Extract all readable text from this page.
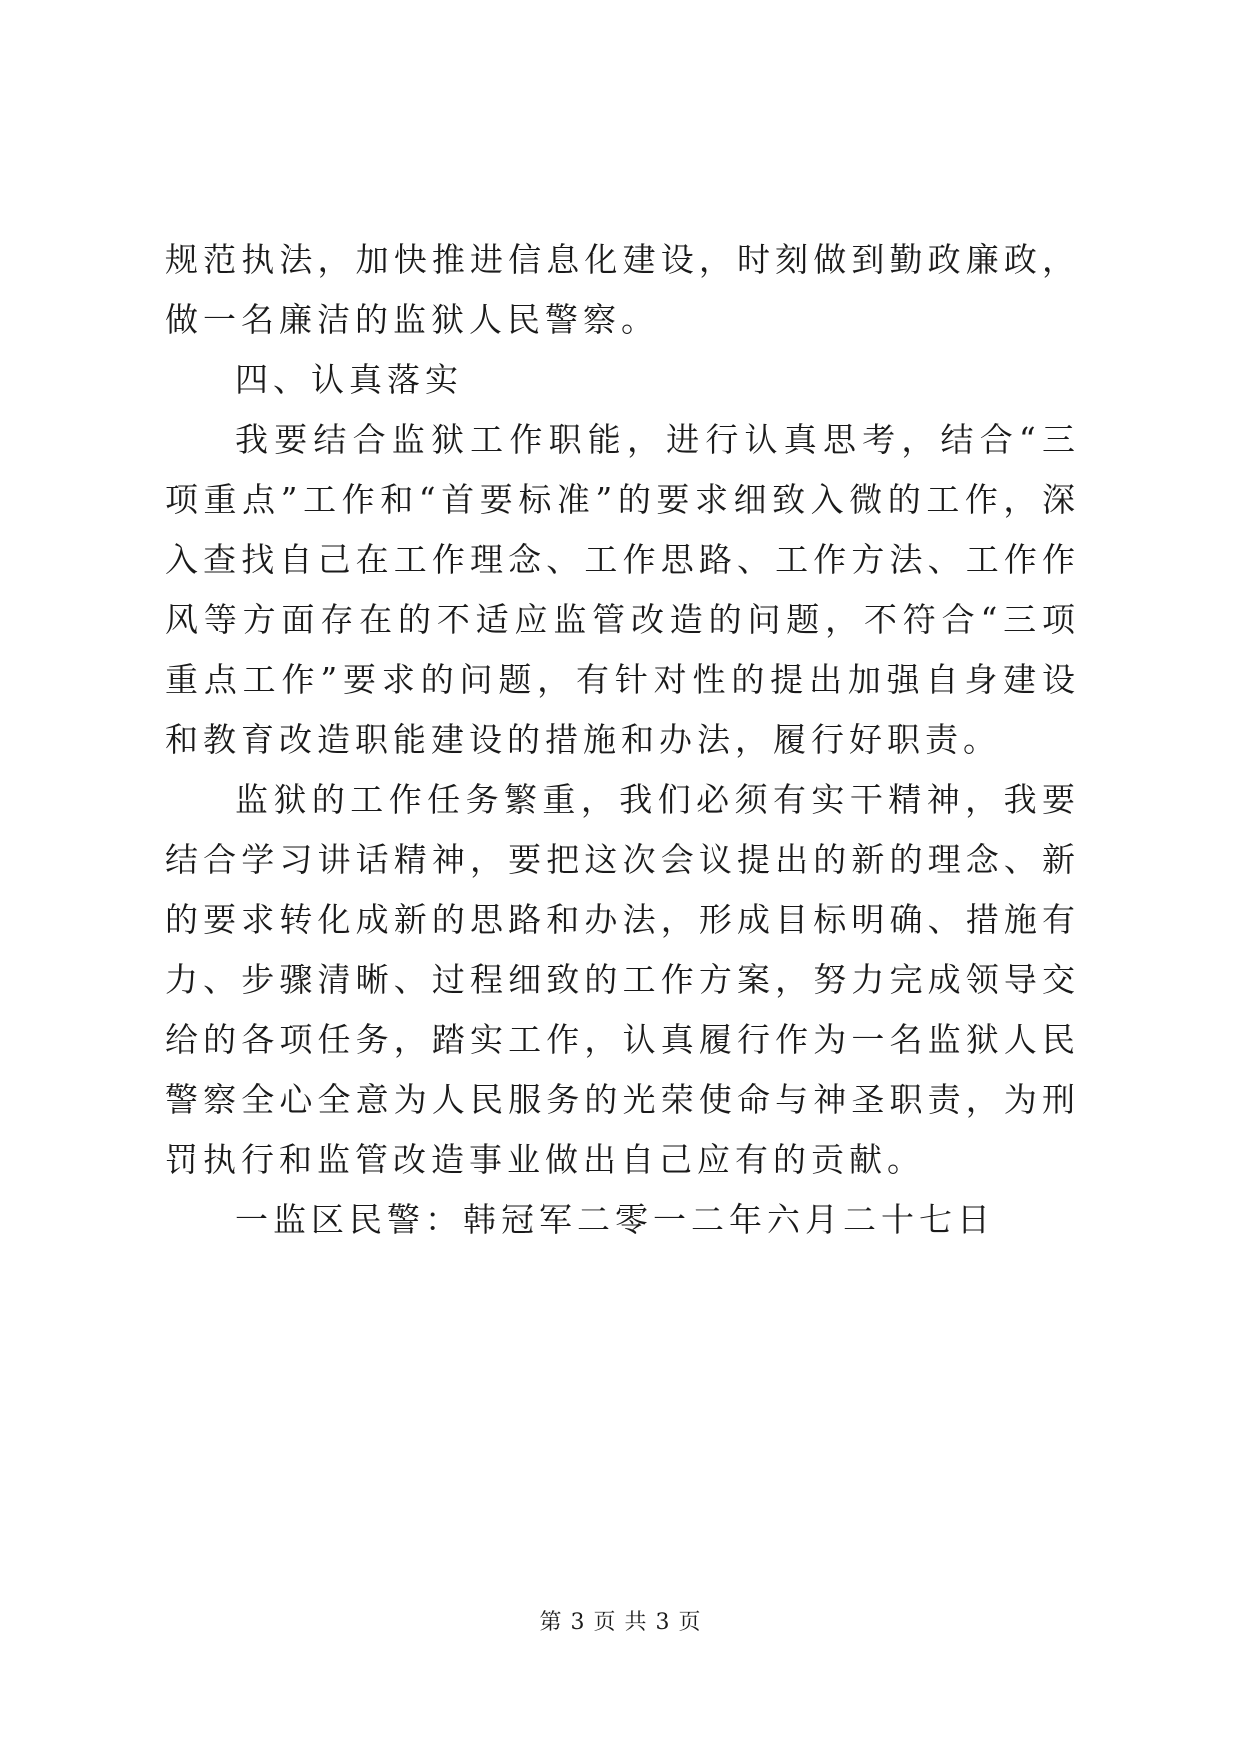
规范执法，加快推进信息化建设，时刻做到勤政廉政，做一名廉洁的监狱人民警察。

四、认真落实

我要结合监狱工作职能，进行认真思考，结合“三项重点”工作和“首要标准”的要求细致入微的工作，深入查找自己在工作理念、工作思路、工作方法、工作作风等方面存在的不适应监管改造的问题，不符合“三项重点工作”要求的问题，有针对性的提出加强自身建设和教育改造职能建设的措施和办法，履行好职责。

监狱的工作任务繁重，我们必须有实干精神，我要结合学习讲话精神，要把这次会议提出的新的理念、新的要求转化成新的思路和办法，形成目标明确、措施有力、步骤清晰、过程细致的工作方案，努力完成领导交给的各项任务，踏实工作，认真履行作为一名监狱人民警察全心全意为人民服务的光荣使命与神圣职责，为刑罚执行和监管改造事业做出自己应有的贡献。

一监区民警：韩冠军二零一二年六月二十七日

第 3 页 共 3 页
